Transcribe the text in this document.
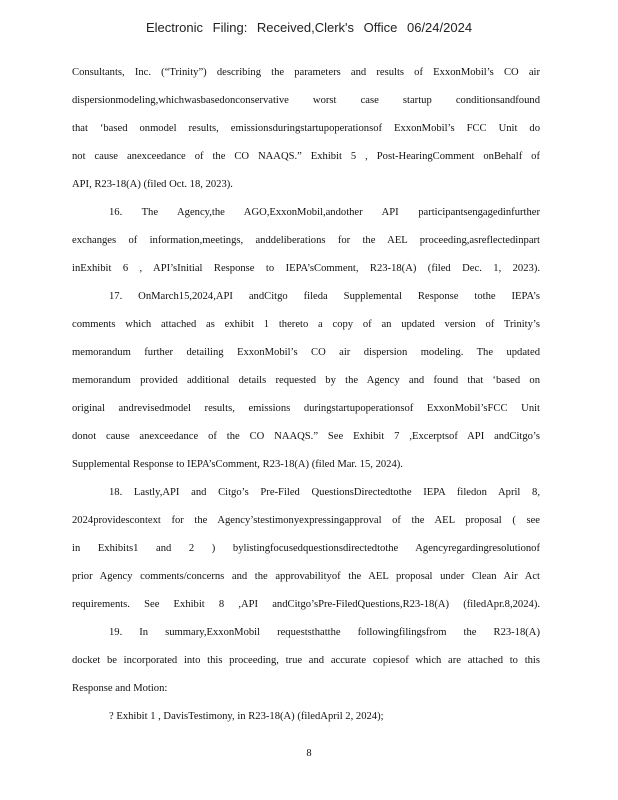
Electronic Filing: Received,Clerk's Office 06/24/2024
Consultants, Inc. (“Trinity”) describing the parameters and results of ExxonMobil’s CO air
dispersionmodeling,whichwasbasedonconservative worst case startup conditionsandfound
that ‘based onmodel results, emissionsduringstartupoperationsof ExxonMobil’s FCC Unit do
not cause anexceedance of the CO NAAQS.” Exhibit 5 , Post-HearingComment onBehalf of
API, R23-18(A) (filed Oct. 18, 2023).
16. The Agency,the AGO,ExxonMobil,andother API participantsengagedinfurther
exchanges of information,meetings, anddeliberations for the AEL proceeding,asreflectedinpart
inExhibit 6 , API’sInitial Response to IEPA’sComment, R23-18(A) (filed Dec. 1, 2023).
17. OnMarch15,2024,API andCitgo fileda Supplemental Response tothe IEPA’s
comments which attached as exhibit 1 thereto a copy of an updated version of Trinity’s
memorandum further detailing ExxonMobil’s CO air dispersion modeling. The updated
memorandum provided additional details requested by the Agency and found that ‘based on
original andrevisedmodel results, emissions duringstartupoperationsof ExxonMobil’sFCC Unit
donot cause anexceedance of the CO NAAQS.” See Exhibit 7 ,Excerptsof API andCitgo’s
Supplemental Response to IEPA’sComment, R23-18(A) (filed Mar. 15, 2024).
18. Lastly,API and Citgo’s Pre-Filed QuestionsDirectedtothe IEPA filedon April 8,
2024providescontext for the Agency’stestimonyexpressingapproval of the AEL proposal ( see
in Exhibits1 and 2 ) bylistingfocusedquestionsdirectedtothe Agencyregardingresolutionof
prior Agency comments/concerns and the approvabilityof the AEL proposal under Clean Air Act
requirements. See Exhibit 8 ,API andCitgo’sPre-FiledQuestions,R23-18(A) (filedApr.8,2024).
19. In summary,ExxonMobil requeststhatthe followingfilingsfrom the R23-18(A)
docket be incorporated into this proceeding, true and accurate copiesof which are attached to this
Response and Motion:
? Exhibit 1 , DavisTestimony, in R23-18(A) (filedApril 2, 2024);
8
